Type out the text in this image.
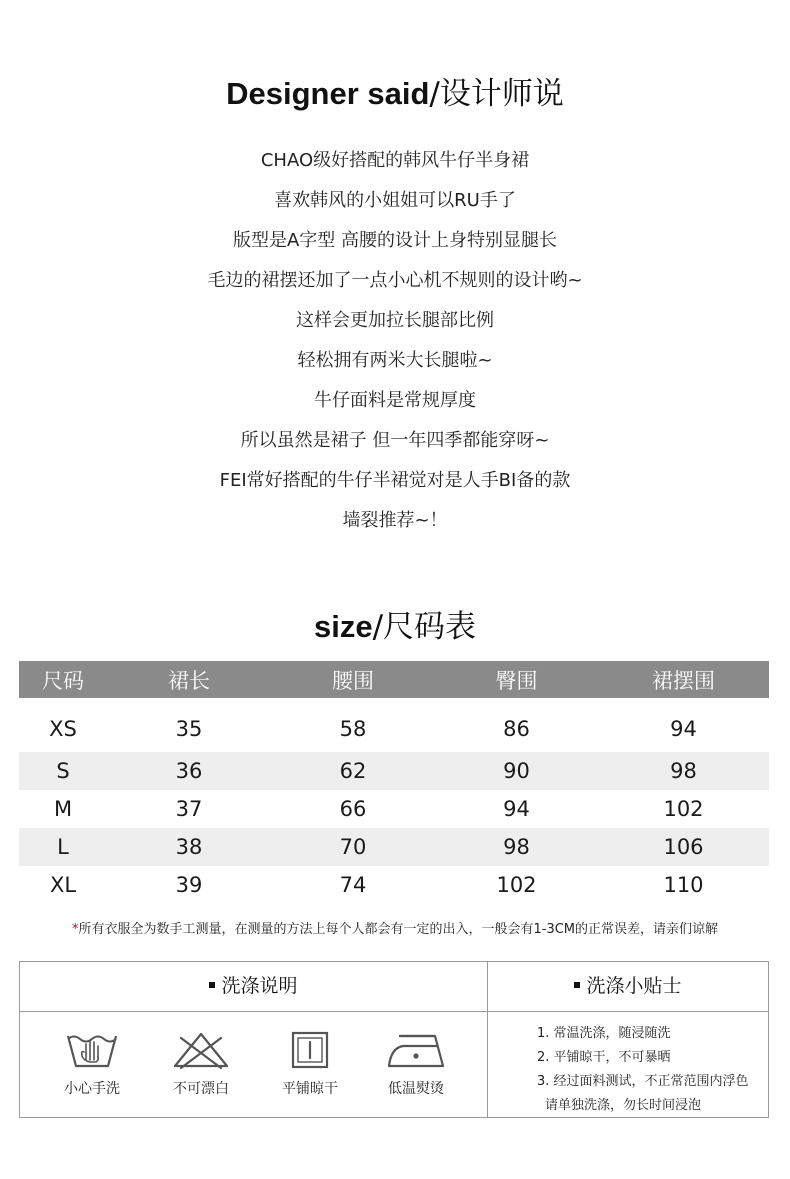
Designer said/设计师说
CHAO级好搭配的韩风牛仔半身裙
喜欢韩风的小姐姐可以RU手了
版型是A字型 高腰的设计上身特别显腿长
毛边的裙摆还加了一点小心机不规则的设计哟~
这样会更加拉长腿部比例
轻松拥有两米大长腿啦~
牛仔面料是常规厚度
所以虽然是裙子 但一年四季都能穿呀~
FEI常好搭配的牛仔半裙觉对是人手BI备的款
墙裂推荐~！
size/尺码表
尺码	裙长	腰围	臀围	裙摆围
XS	35	58	86	94
S	36	62	90	98
M	37	66	94	102
L	38	70	98	106
XL	39	74	102	110
*所有衣服全为数手工测量，在测量的方法上每个人都会有一定的出入，一般会有1-3CM的正常误差，请亲们谅解
洗涤说明	洗涤小贴士
小心手洗	不可漂白	平铺晾干	低温熨烫
1. 常温洗涤，随浸随洗
2. 平铺晾干，不可暴晒
3. 经过面料测试，不正常范围内浮色
请单独洗涤，勿长时间浸泡
